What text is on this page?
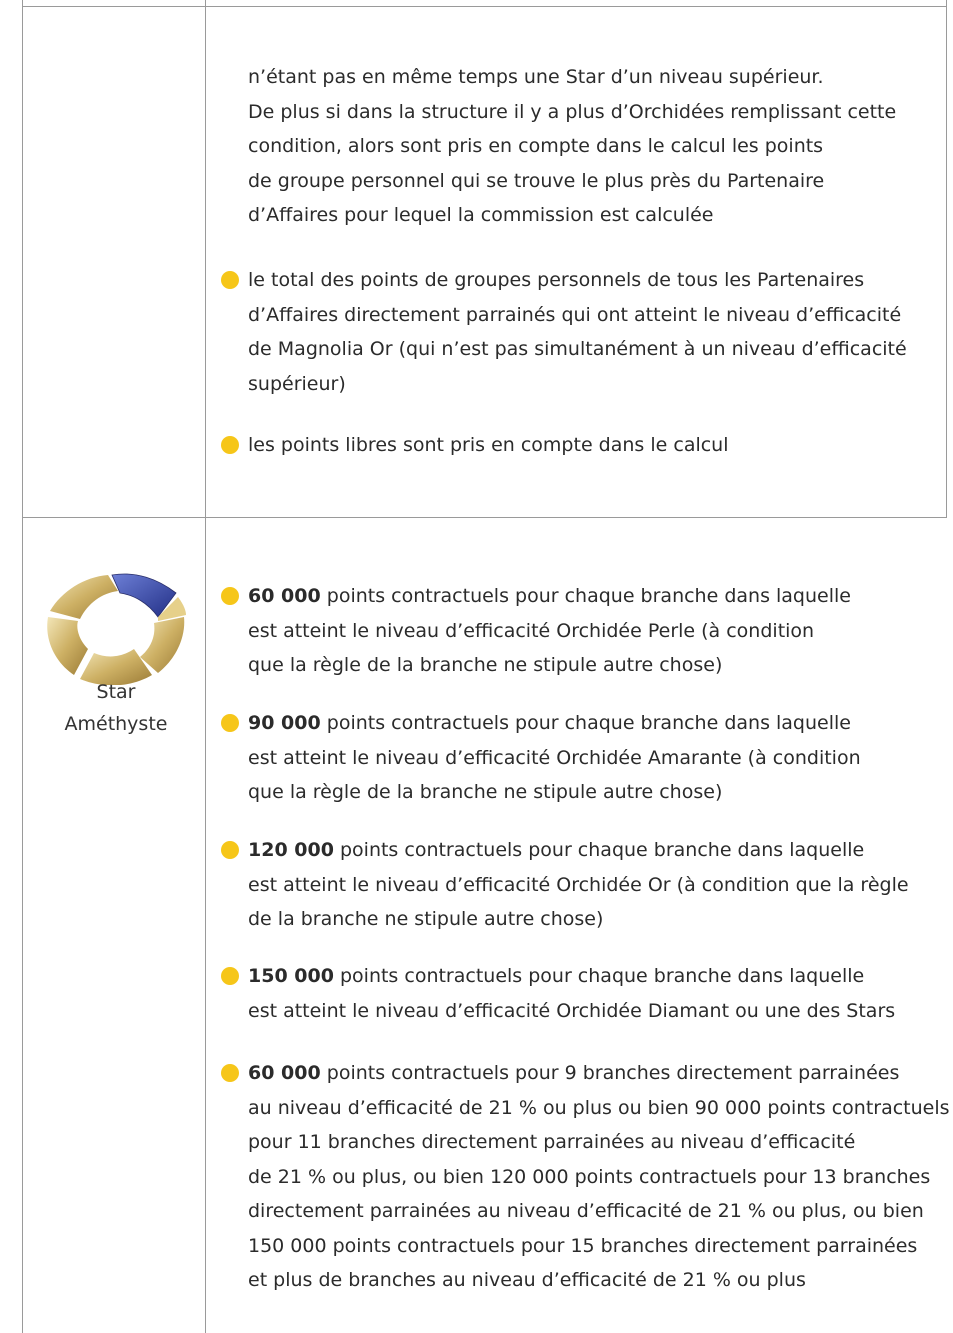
n’étant pas en même temps une Star d’un niveau supérieur.
De plus si dans la structure il y a plus d’Orchidées remplissant cette
condition, alors sont pris en compte dans le calcul les points
de groupe personnel qui se trouve le plus près du Partenaire
d’Affaires pour lequel la commission est calculée
le total des points de groupes personnels de tous les Partenaires
d’Affaires directement parrainés qui ont atteint le niveau d’efficacité
de Magnolia Or (qui n’est pas simultanément à un niveau d’efficacité
supérieur)
les points libres sont pris en compte dans le calcul
Star
Améthyste
60 000 points contractuels pour chaque branche dans laquelle
est atteint le niveau d’efficacité Orchidée Perle (à condition
que la règle de la branche ne stipule autre chose)
90 000 points contractuels pour chaque branche dans laquelle
est atteint le niveau d’efficacité Orchidée Amarante (à condition
que la règle de la branche ne stipule autre chose)
120 000 points contractuels pour chaque branche dans laquelle
est atteint le niveau d’efficacité Orchidée Or (à condition que la règle
de la branche ne stipule autre chose)
150 000 points contractuels pour chaque branche dans laquelle
est atteint le niveau d’efficacité Orchidée Diamant ou une des Stars
60 000 points contractuels pour 9 branches directement parrainées
au niveau d’efficacité de 21 % ou plus ou bien 90 000 points contractuels
pour 11 branches directement parrainées au niveau d’efficacité
de 21 % ou plus, ou bien 120 000 points contractuels pour 13 branches
directement parrainées au niveau d’efficacité de 21 % ou plus, ou bien
150 000 points contractuels pour 15 branches directement parrainées
et plus de branches au niveau d’efficacité de 21 % ou plus
